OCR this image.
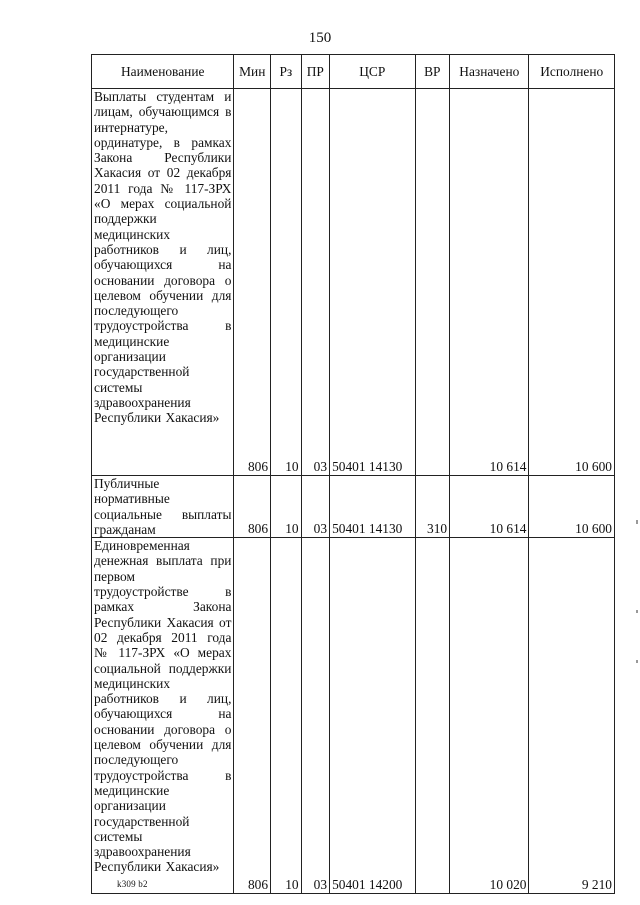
150
Наименование	Мин	Рз	ПР	ЦСР	ВР	Назначено	Исполнено
Выплаты студентам и лицам, обучающимся в интернатуре, ординатуре, в рамках Закона Республики Хакасия от 02 декабря 2011 года № 117-ЗРХ «О мерах социальной поддержки медицинских работников и лиц, обучающихся на основании договора о целевом обучении для последующего трудоустройства в медицинские организации государственной системы здравоохранения Республики Хакасия»	806	10	03	50401 14130		10 614	10 600
Публичные нормативные социальные выплаты гражданам	806	10	03	50401 14130	310	10 614	10 600
Единовременная денежная выплата при первом трудоустройстве в рамках Закона Республики Хакасия от 02 декабря 2011 года № 117-ЗРХ «О мерах социальной поддержки медицинских работников и лиц, обучающихся на основании договора о целевом обучении для последующего трудоустройства в медицинские организации государственной системы здравоохранения Республики Хакасия»	806	10	03	50401 14200		10 020	9 210
k309 b2
